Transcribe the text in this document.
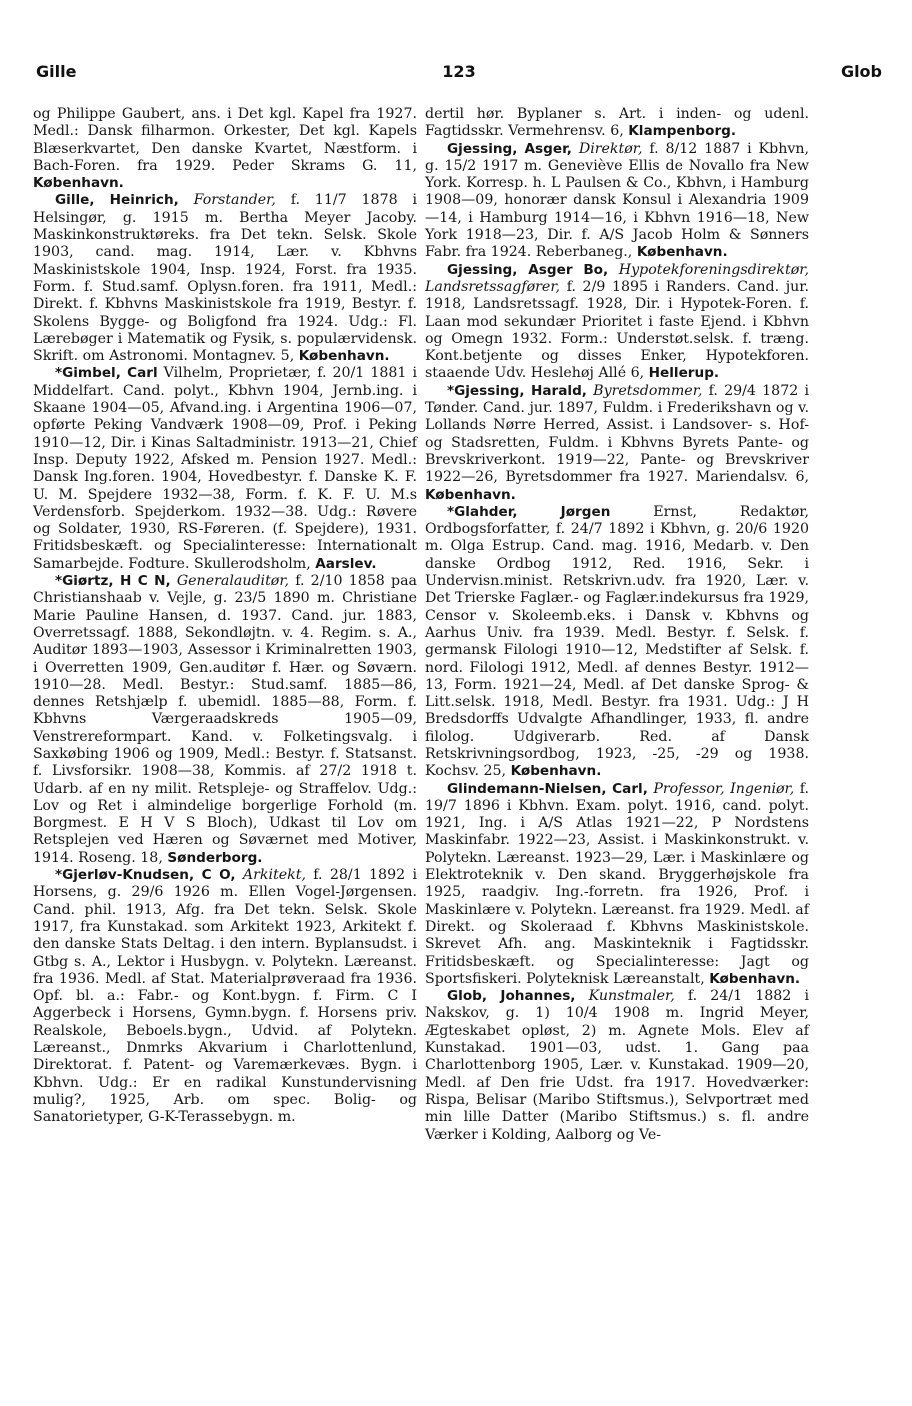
Gille	123	Glob

og Philippe Gaubert, ans. i Det kgl. Kapel fra 1927. Medl.: Dansk filharmon. Orkester, Det kgl. Kapels Blæserkvartet, Den danske Kvartet, Næstform. i Bach-Foren. fra 1929. Peder Skrams G. 11, København.

Gille, Heinrich, Forstander, f. 11/7 1878 i Helsingør, g. 1915 m. Bertha Meyer Jacoby. Maskinkonstruktøreks. fra Det tekn. Selsk. Skole 1903, cand. mag. 1914, Lær. v. Kbhvns Maskinistskole 1904, Insp. 1924, Forst. fra 1935. Form. f. Stud.samf. Oplysn.foren. fra 1911, Medl.: Direkt. f. Kbhvns Maskinistskole fra 1919, Bestyr. f. Skolens Bygge- og Boligfond fra 1924. Udg.: Fl. Lærebøger i Matematik og Fysik, s. populærvidensk. Skrift. om Astronomi. Montagnev. 5, København.

*Gimbel, Carl Vilhelm, Proprietær, f. 20/1 1881 i Middelfart. Cand. polyt., Kbhvn 1904, Jernb.ing. i Skaane 1904—05, Afvand.ing. i Argentina 1906—07, opførte Peking Vandværk 1908—09, Prof. i Peking 1910—12, Dir. i Kinas Saltadministr. 1913—21, Chief Insp. Deputy 1922, Afsked m. Pension 1927. Medl.: Dansk Ing.foren. 1904, Hovedbestyr. f. Danske K. F. U. M. Spejdere 1932—38, Form. f. K. F. U. M.s Verdensforb. Spejderkom. 1932—38. Udg.: Røvere og Soldater, 1930, RS-Føreren. (f. Spejdere), 1931. Fritidsbeskæft. og Specialinteresse: Internationalt Samarbejde. Fodture. Skullerodsholm, Aarslev.

*Giørtz, H C N, Generalauditør, f. 2/10 1858 paa Christianshaab v. Vejle, g. 23/5 1890 m. Christiane Marie Pauline Hansen, d. 1937. Cand. jur. 1883, Overretssagf. 1888, Sekondløjtn. v. 4. Regim. s. A., Auditør 1893—1903, Assessor i Kriminalretten 1903, i Overretten 1909, Gen.auditør f. Hær. og Søværn. 1910—28. Medl. Bestyr.: Stud.samf. 1885—86, dennes Retshjælp f. ubemidl. 1885—88, Form. f. Kbhvns Værgeraadskreds 1905—09, Venstrereformpart. Kand. v. Folketingsvalg. i Saxkøbing 1906 og 1909, Medl.: Bestyr. f. Statsanst. f. Livsforsikr. 1908—38, Kommis. af 27/2 1918 t. Udarb. af en ny milit. Retspleje- og Straffelov. Udg.: Lov og Ret i almindelige borgerlige Forhold (m. Borgmest. E H V S Bloch), Udkast til Lov om Retsplejen ved Hæren og Søværnet med Motiver, 1914. Roseng. 18, Sønderborg.

*Gjerløv-Knudsen, C O, Arkitekt, f. 28/1 1892 i Horsens, g. 29/6 1926 m. Ellen Vogel-Jørgensen. Cand. phil. 1913, Afg. fra Det tekn. Selsk. Skole 1917, fra Kunstakad. som Arkitekt 1923, Arkitekt f. den danske Stats Deltag. i den intern. Byplansudst. i Gtbg s. A., Lektor i Husbygn. v. Polytekn. Læreanst. fra 1936. Medl. af Stat. Materialprøveraad fra 1936. Opf. bl. a.: Fabr.- og Kont.bygn. f. Firm. C I Aggerbeck i Horsens, Gymn.bygn. f. Horsens priv. Realskole, Beboels.bygn., Udvid. af Polytekn. Læreanst., Dnmrks Akvarium i Charlottenlund, Direktorat. f. Patent- og Varemærkevæs. Bygn. i Kbhvn. Udg.: Er en radikal Kunstundervisning mulig?, 1925, Arb. om spec. Bolig- og Sanatorietyper, G-K-Terassebygn. m.

dertil hør. Byplaner s. Art. i inden- og udenl. Fagtidsskr. Vermehrensv. 6, Klampenborg.

Gjessing, Asger, Direktør, f. 8/12 1887 i Kbhvn, g. 15/2 1917 m. Geneviève Ellis de Novallo fra New York. Korresp. h. L Paulsen & Co., Kbhvn, i Hamburg 1908—09, honorær dansk Konsul i Alexandria 1909—14, i Hamburg 1914—16, i Kbhvn 1916—18, New York 1918—23, Dir. f. A/S Jacob Holm & Sønners Fabr. fra 1924. Reberbaneg., København.

Gjessing, Asger Bo, Hypotekforeningsdirektør, Landsretssagfører, f. 2/9 1895 i Randers. Cand. jur. 1918, Landsretssagf. 1928, Dir. i Hypotek-Foren. f. Laan mod sekundær Prioritet i faste Ejend. i Kbhvn og Omegn 1932. Form.: Understøt.selsk. f. træng. Kont.betjente og disses Enker, Hypotekforen. staaende Udv. Heslehøj Allé 6, Hellerup.

*Gjessing, Harald, Byretsdommer, f. 29/4 1872 i Tønder. Cand. jur. 1897, Fuldm. i Frederikshavn og v. Lollands Nørre Herred, Assist. i Landsover- s. Hof- og Stadsretten, Fuldm. i Kbhvns Byrets Pante- og Brevskriverkont. 1919—22, Pante- og Brevskriver 1922—26, Byretsdommer fra 1927. Mariendalsv. 6, København.

*Glahder, Jørgen	Ernst, Redaktør, Ordbogsforfatter, f. 24/7 1892 i Kbhvn, g. 20/6 1920 m. Olga Estrup. Cand. mag. 1916, Medarb. v. Den danske Ordbog 1912, Red. 1916, Sekr. i Undervisn.minist. Retskrivn.udv. fra 1920, Lær. v. Det Trierske Faglær.- og Faglær.indekursus fra 1929, Censor v. Skoleemb.eks. i Dansk v. Kbhvns og Aarhus Univ. fra 1939. Medl. Bestyr. f. Selsk. f. germansk Filologi 1910—12, Medstifter af Selsk. f. nord. Filologi 1912, Medl. af dennes Bestyr. 1912—13, Form. 1921—24, Medl. af Det danske Sprog- & Litt.selsk. 1918, Medl. Bestyr. fra 1931. Udg.: J H Bredsdorffs Udvalgte Afhandlinger, 1933, fl. andre filolog. Udgiverarb. Red. af Dansk Retskrivningsordbog, 1923, -25, -29 og 1938. Kochsv. 25, København.

Glindemann-Nielsen, Carl, Professor, Ingeniør, f. 19/7 1896 i Kbhvn. Exam. polyt. 1916, cand. polyt. 1921, Ing. i A/S Atlas 1921—22, P Nordstens Maskinfabr. 1922—23, Assist. i Maskinkonstrukt. v. Polytekn. Læreanst. 1923—29, Lær. i Maskinlære og Elektroteknik v. Den skand. Bryggerhøjskole fra 1925, raadgiv. Ing.-forretn. fra 1926, Prof. i Maskinlære v. Polytekn. Læreanst. fra 1929. Medl. af Direkt. og Skoleraad f. Kbhvns Maskinistskole. Skrevet Afh. ang. Maskinteknik i Fagtidsskr. Fritidsbeskæft. og Specialinteresse: Jagt og Sportsfiskeri. Polyteknisk Læreanstalt, København.

Glob, Johannes, Kunstmaler, f. 24/1 1882 i Nakskov, g. 1) 10/4 1908 m. Ingrid Meyer, Ægteskabet opløst, 2) m. Agnete Mols. Elev af Kunstakad. 1901—03, udst. 1. Gang paa Charlottenborg 1905, Lær. v. Kunstakad. 1909—20, Medl. af Den frie Udst. fra 1917. Hovedværker: Rispa, Belisar (Maribo Stiftsmus.), Selvportræt med min lille Datter (Maribo Stiftsmus.) s. fl. andre Værker i Kolding, Aalborg og Ve-
